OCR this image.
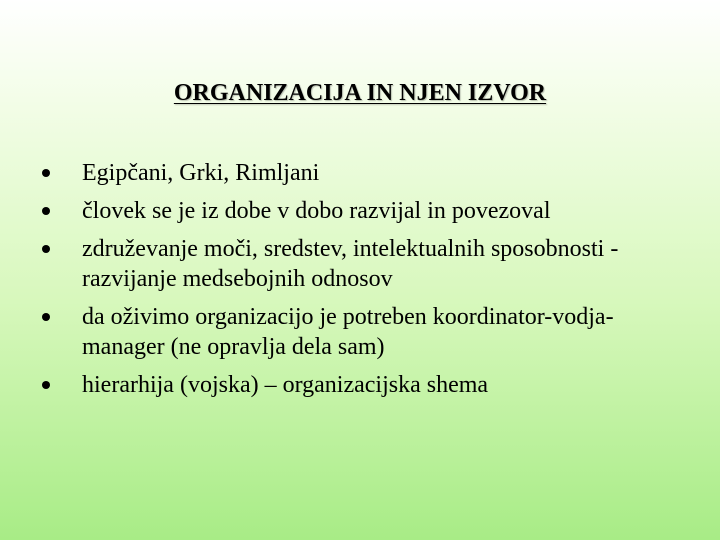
ORGANIZACIJA IN NJEN IZVOR
Egipčani, Grki, Rimljani
človek se je iz dobe v dobo razvijal in povezoval
združevanje moči, sredstev, intelektualnih sposobnosti - razvijanje medsebojnih odnosov
da oživimo organizacijo je potreben koordinator-vodja-manager (ne opravlja dela sam)
hierarhija (vojska) – organizacijska shema
